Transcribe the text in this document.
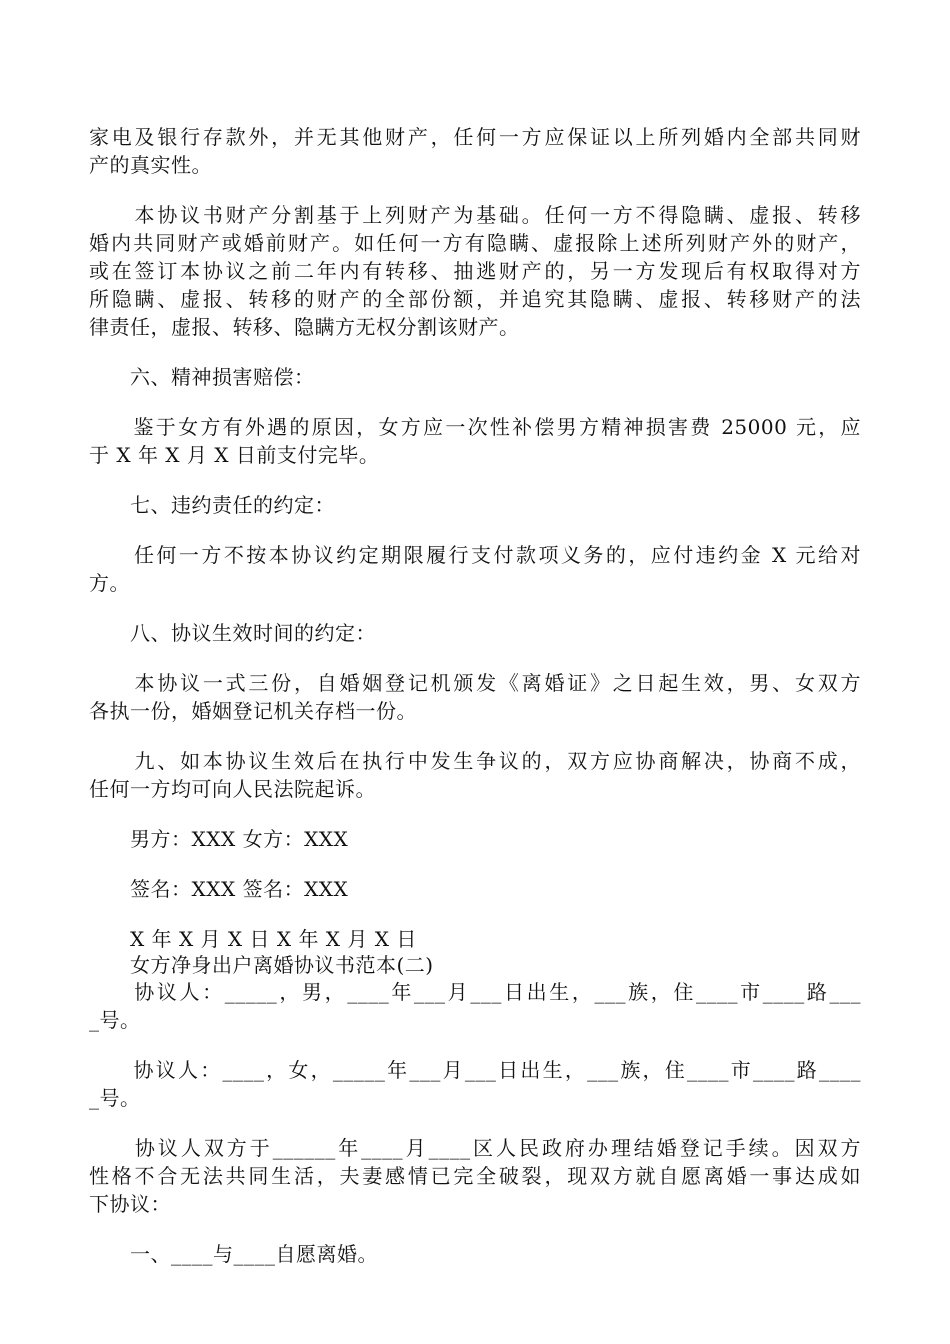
家电及银行存款外，并无其他财产，任何一方应保证以上所列婚内全部共同财
产的真实性。
　　本协议书财产分割基于上列财产为基础。任何一方不得隐瞒、虚报、转移
婚内共同财产或婚前财产。如任何一方有隐瞒、虚报除上述所列财产外的财产，
或在签订本协议之前二年内有转移、抽逃财产的，另一方发现后有权取得对方
所隐瞒、虚报、转移的财产的全部份额，并追究其隐瞒、虚报、转移财产的法
律责任，虚报、转移、隐瞒方无权分割该财产。
　　六、精神损害赔偿：
　　鉴于女方有外遇的原因，女方应一次性补偿男方精神损害费 25000 元，应
于 X 年 X 月 X 日前支付完毕。
　　七、违约责任的约定：
　　任何一方不按本协议约定期限履行支付款项义务的，应付违约金 X 元给对
方。
　　八、协议生效时间的约定：
　　本协议一式三份，自婚姻登记机颁发《离婚证》之日起生效，男、女双方
各执一份，婚姻登记机关存档一份。
　　九、如本协议生效后在执行中发生争议的，双方应协商解决，协商不成，
任何一方均可向人民法院起诉。
　　男方：XXX 女方：XXX
　　签名：XXX 签名：XXX
　　X 年 X 月 X 日 X 年 X 月 X 日
　　女方净身出户离婚协议书范本(二)
　　协议人：_____，男，____年___月___日出生，___族，住____市____路___
_号。
　　协议人：____，女，_____年___月___日出生，___族，住____市____路____
_号。
　　协议人双方于______年____月____区人民政府办理结婚登记手续。因双方
性格不合无法共同生活，夫妻感情已完全破裂，现双方就自愿离婚一事达成如
下协议：
　　一、____与____自愿离婚。
